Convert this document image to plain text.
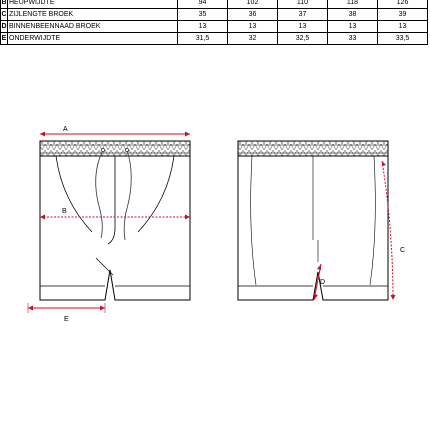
B	HEUPWIJDTE	94	102	110	118	126
C	ZIJLENGTE BROEK	35	36	37	38	39
D	BINNENBEENNAAD BROEK	13	13	13	13	13
E	ONDERWIJDTE	31,5	32	32,5	33	33,5
A
B
C
D
E
